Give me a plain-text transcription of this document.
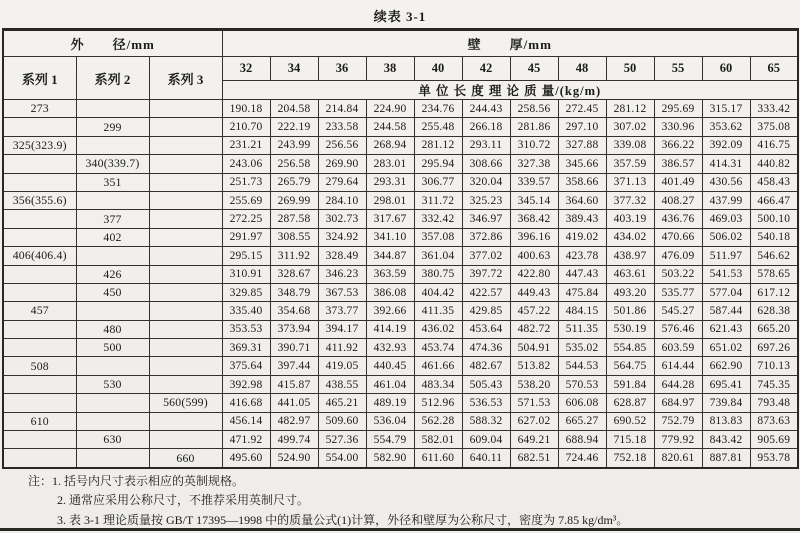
续表 3-1
外　　径/mm			壁　　厚/mm											
系列 1	系列 2	系列 3	32	34	36	38	40	42	45	48	50	55	60	65
			单 位 长 度 理 论 质 量/(kg/m)											
273			190.18	204.58	214.84	224.90	234.76	244.43	258.56	272.45	281.12	295.69	315.17	333.42
	299		210.70	222.19	233.58	244.58	255.48	266.18	281.86	297.10	307.02	330.96	353.62	375.08
325(323.9)			231.21	243.99	256.56	268.94	281.12	293.11	310.72	327.88	339.08	366.22	392.09	416.75
	340(339.7)		243.06	256.58	269.90	283.01	295.94	308.66	327.38	345.66	357.59	386.57	414.31	440.82
	351		251.73	265.79	279.64	293.31	306.77	320.04	339.57	358.66	371.13	401.49	430.56	458.43
356(355.6)			255.69	269.99	284.10	298.01	311.72	325.23	345.14	364.60	377.32	408.27	437.99	466.47
	377		272.25	287.58	302.73	317.67	332.42	346.97	368.42	389.43	403.19	436.76	469.03	500.10
	402		291.97	308.55	324.92	341.10	357.08	372.86	396.16	419.02	434.02	470.66	506.02	540.18
406(406.4)			295.15	311.92	328.49	344.87	361.04	377.02	400.63	423.78	438.97	476.09	511.97	546.62
	426		310.91	328.67	346.23	363.59	380.75	397.72	422.80	447.43	463.61	503.22	541.53	578.65
	450		329.85	348.79	367.53	386.08	404.42	422.57	449.43	475.84	493.20	535.77	577.04	617.12
457			335.40	354.68	373.77	392.66	411.35	429.85	457.22	484.15	501.86	545.27	587.44	628.38
	480		353.53	373.94	394.17	414.19	436.02	453.64	482.72	511.35	530.19	576.46	621.43	665.20
	500		369.31	390.71	411.92	432.93	453.74	474.36	504.91	535.02	554.85	603.59	651.02	697.26
508			375.64	397.44	419.05	440.45	461.66	482.67	513.82	544.53	564.75	614.44	662.90	710.13
	530		392.98	415.87	438.55	461.04	483.34	505.43	538.20	570.53	591.84	644.28	695.41	745.35
		560(599)	416.68	441.05	465.21	489.19	512.96	536.53	571.53	606.08	628.87	684.97	739.84	793.48
610			456.14	482.97	509.60	536.04	562.28	588.32	627.02	665.27	690.52	752.79	813.83	873.63
	630		471.92	499.74	527.36	554.79	582.01	609.04	649.21	688.94	715.18	779.92	843.42	905.69
		660	495.60	524.90	554.00	582.90	611.60	640.11	682.51	724.46	752.18	820.61	887.81	953.78
注：1. 括号内尺寸表示相应的英制规格。
2. 通常应采用公称尺寸，不推荐采用英制尺寸。
3. 表 3-1 理论质量按 GB/T 17395—1998 中的质量公式(1)计算，外径和壁厚为公称尺寸，密度为 7.85 kg/dm³。
